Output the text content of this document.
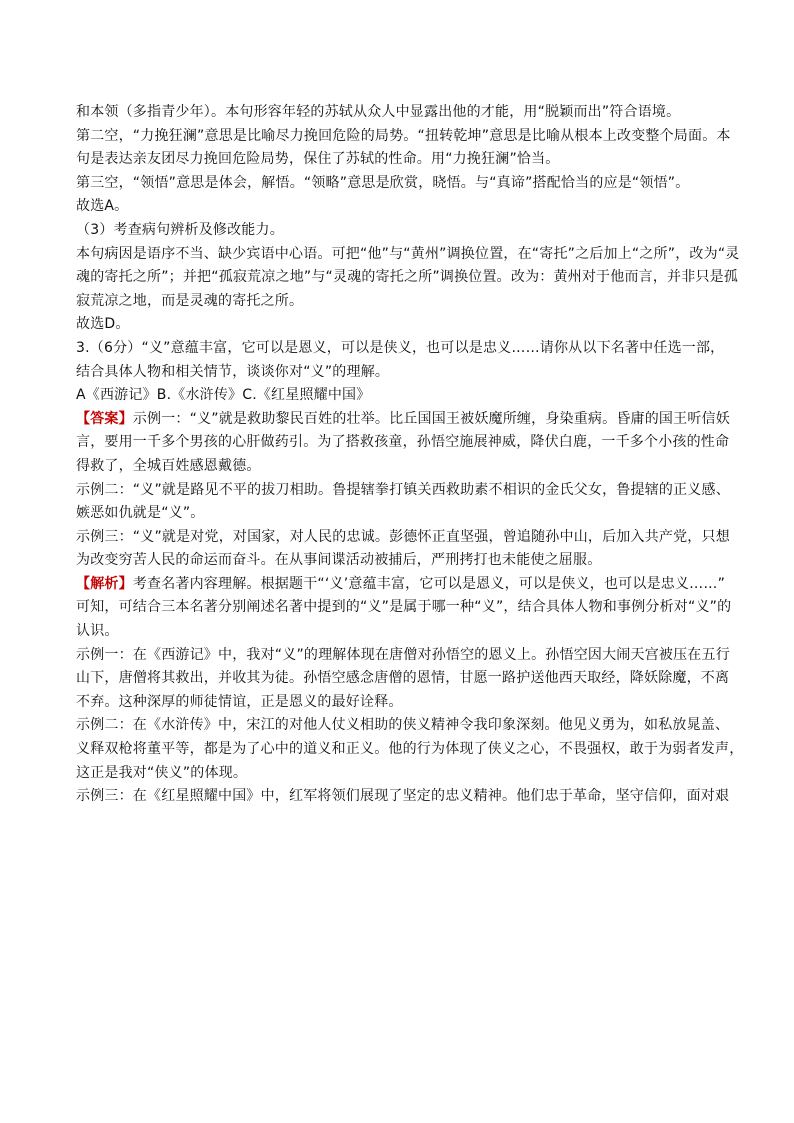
和本领（多指青少年）。本句形容年轻的苏轼从众人中显露出他的才能，用“脱颖而出”符合语境。
第二空，“力挽狂澜”意思是比喻尽力挽回危险的局势。“扭转乾坤”意思是比喻从根本上改变整个局面。本
句是表达亲友团尽力挽回危险局势，保住了苏轼的性命。用“力挽狂澜”恰当。
第三空，“领悟”意思是体会，解悟。“领略”意思是欣赏，晓悟。与“真谛”搭配恰当的应是“领悟”。
故选A。
（3）考查病句辨析及修改能力。
本句病因是语序不当、缺少宾语中心语。可把“他”与“黄州”调换位置，在“寄托”之后加上“之所”，改为“灵
魂的寄托之所”；并把“孤寂荒凉之地”与“灵魂的寄托之所”调换位置。改为：黄州对于他而言，并非只是孤
寂荒凉之地，而是灵魂的寄托之所。
故选D。
3.（6分）“义”意蕴丰富，它可以是恩义，可以是侠义，也可以是忠义……请你从以下名著中任选一部，
结合具体人物和相关情节，谈谈你对“义”的理解。
A《西游记》B.《水浒传》C.《红星照耀中国》
【答案】示例一：“义”就是救助黎民百姓的壮举。比丘国国王被妖魔所缠，身染重病。昏庸的国王听信妖
言，要用一千多个男孩的心肝做药引。为了搭救孩童，孙悟空施展神威，降伏白鹿，一千多个小孩的性命
得救了，全城百姓感恩戴德。
示例二：“义”就是路见不平的拔刀相助。鲁提辖拳打镇关西救助素不相识的金氏父女，鲁提辖的正义感、
嫉恶如仇就是“义”。
示例三：“义”就是对党，对国家，对人民的忠诚。彭德怀正直坚强，曾追随孙中山，后加入共产党，只想
为改变穷苦人民的命运而奋斗。在从事间谍活动被捕后，严刑拷打也未能使之屈服。
【解析】考查名著内容理解。根据题干“‘义’意蕴丰富，它可以是恩义，可以是侠义，也可以是忠义……”
可知，可结合三本名著分别阐述名著中提到的“义”是属于哪一种“义”，结合具体人物和事例分析对“义”的
认识。
示例一：在《西游记》中，我对“义”的理解体现在唐僧对孙悟空的恩义上。孙悟空因大闹天宫被压在五行
山下，唐僧将其救出，并收其为徒。孙悟空感念唐僧的恩情，甘愿一路护送他西天取经，降妖除魔，不离
不弃。这种深厚的师徒情谊，正是恩义的最好诠释。
示例二：在《水浒传》中，宋江的对他人仗义相助的侠义精神令我印象深刻。他见义勇为，如私放晁盖、
义释双枪将董平等，都是为了心中的道义和正义。他的行为体现了侠义之心，不畏强权，敢于为弱者发声，
这正是我对“侠义”的体现。
示例三：在《红星照耀中国》中，红军将领们展现了坚定的忠义精神。他们忠于革命，坚守信仰，面对艰
